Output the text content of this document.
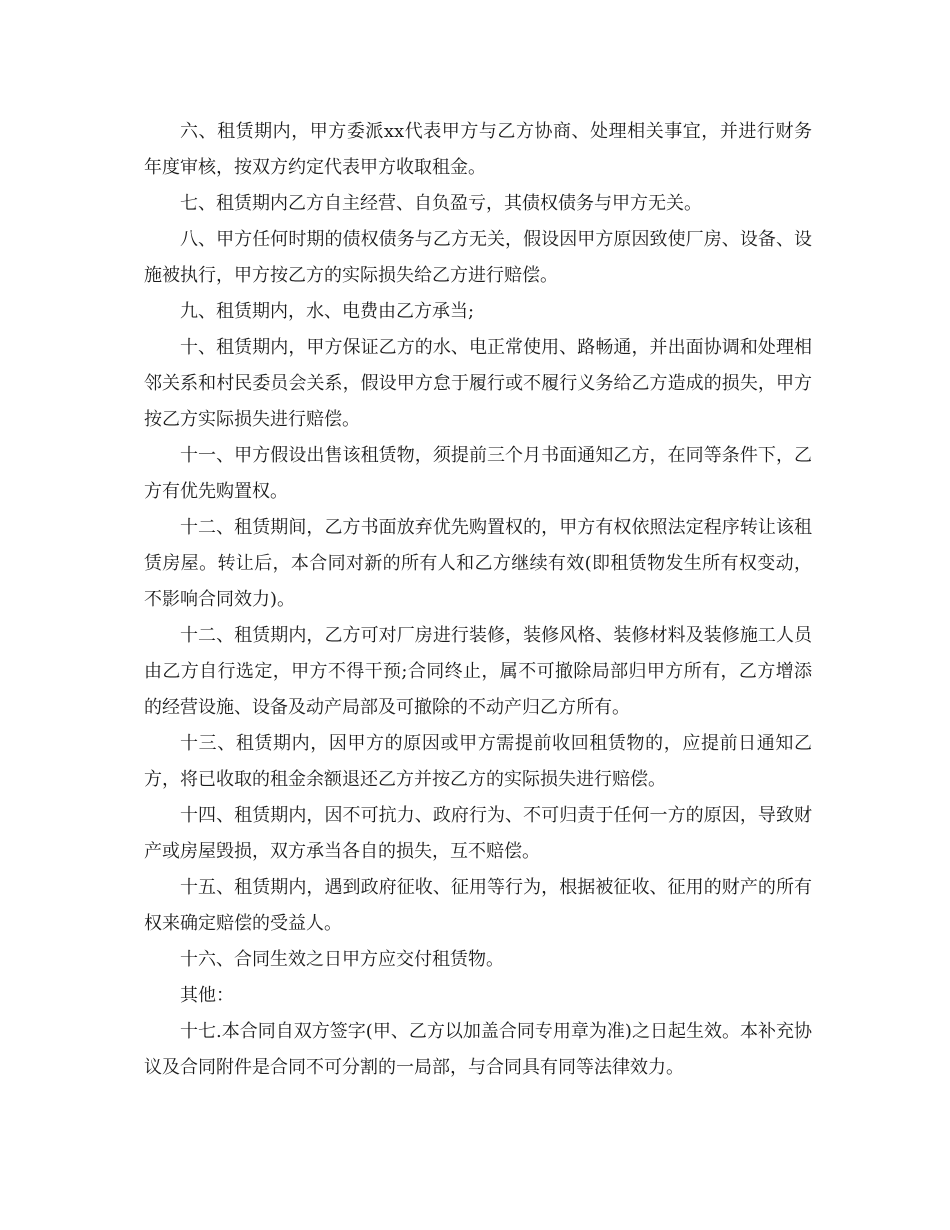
六、租赁期内，甲方委派xx代表甲方与乙方协商、处理相关事宜，并进行财务年度审核，按双方约定代表甲方收取租金。

七、租赁期内乙方自主经营、自负盈亏，其债权债务与甲方无关。

八、甲方任何时期的债权债务与乙方无关，假设因甲方原因致使厂房、设备、设施被执行，甲方按乙方的实际损失给乙方进行赔偿。

九、租赁期内，水、电费由乙方承当;

十、租赁期内，甲方保证乙方的水、电正常使用、路畅通，并出面协调和处理相邻关系和村民委员会关系，假设甲方怠于履行或不履行义务给乙方造成的损失，甲方按乙方实际损失进行赔偿。

十一、甲方假设出售该租赁物，须提前三个月书面通知乙方，在同等条件下，乙方有优先购置权。

十二、租赁期间，乙方书面放弃优先购置权的，甲方有权依照法定程序转让该租赁房屋。转让后，本合同对新的所有人和乙方继续有效(即租赁物发生所有权变动，不影响合同效力)。

十二、租赁期内，乙方可对厂房进行装修，装修风格、装修材料及装修施工人员由乙方自行选定，甲方不得干预;合同终止，属不可撤除局部归甲方所有，乙方增添的经营设施、设备及动产局部及可撤除的不动产归乙方所有。

十三、租赁期内，因甲方的原因或甲方需提前收回租赁物的，应提前日通知乙方，将已收取的租金余额退还乙方并按乙方的实际损失进行赔偿。

十四、租赁期内，因不可抗力、政府行为、不可归责于任何一方的原因，导致财产或房屋毁损，双方承当各自的损失，互不赔偿。

十五、租赁期内，遇到政府征收、征用等行为，根据被征收、征用的财产的所有权来确定赔偿的受益人。

十六、合同生效之日甲方应交付租赁物。

其他：

十七.本合同自双方签字(甲、乙方以加盖合同专用章为准)之日起生效。本补充协议及合同附件是合同不可分割的一局部，与合同具有同等法律效力。
